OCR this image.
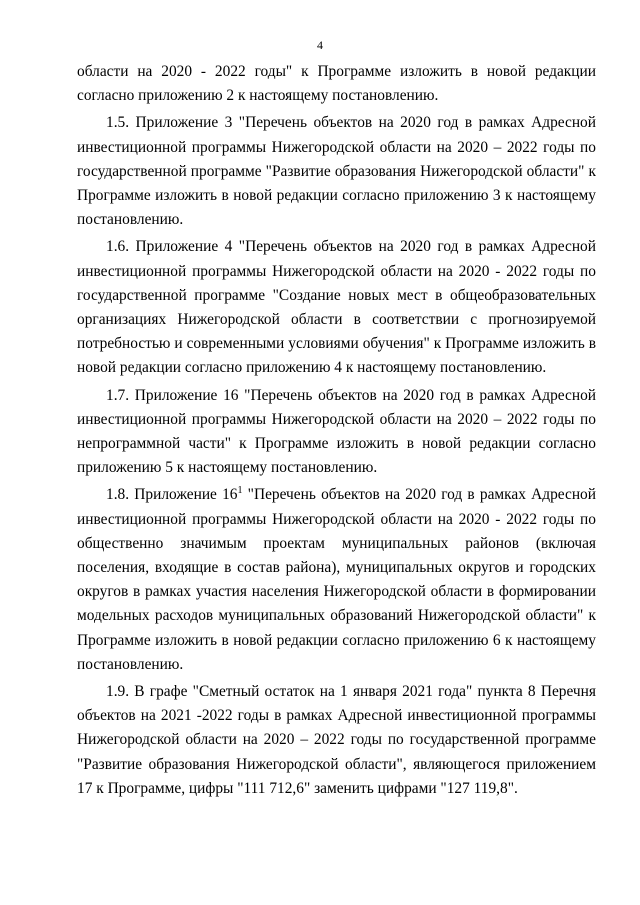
4

области на 2020 - 2022 годы" к Программе изложить в новой редакции согласно приложению 2 к настоящему постановлению.

1.5. Приложение 3 "Перечень объектов на 2020 год в рамках Адресной инвестиционной программы Нижегородской области на 2020 – 2022 годы по государственной программе "Развитие образования Нижегородской области" к Программе изложить в новой редакции согласно приложению 3 к настоящему постановлению.

1.6. Приложение 4 "Перечень объектов на 2020 год в рамках Адресной инвестиционной программы Нижегородской области на 2020 - 2022 годы по государственной программе "Создание новых мест в общеобразовательных организациях Нижегородской области в соответствии с прогнозируемой потребностью и современными условиями обучения" к Программе изложить в новой редакции согласно приложению 4 к настоящему постановлению.

1.7. Приложение 16 "Перечень объектов на 2020 год в рамках Адресной инвестиционной программы Нижегородской области на 2020 – 2022 годы по непрограммной части" к Программе изложить в новой редакции согласно приложению 5 к настоящему постановлению.

1.8. Приложение $16^1$ "Перечень объектов на 2020 год в рамках Адресной инвестиционной программы Нижегородской области на 2020 - 2022 годы по общественно значимым проектам муниципальных районов (включая поселения, входящие в состав района), муниципальных округов и городских округов в рамках участия населения Нижегородской области в формировании модельных расходов муниципальных образований Нижегородской области" к Программе изложить в новой редакции согласно приложению 6 к настоящему постановлению.

1.9. В графе "Сметный остаток на 1 января 2021 года" пункта 8 Перечня объектов на 2021 -2022 годы в рамках Адресной инвестиционной программы Нижегородской области на 2020 – 2022 годы по государственной программе "Развитие образования Нижегородской области", являющегося приложением 17 к Программе, цифры "111 712,6" заменить цифрами "127 119,8".
